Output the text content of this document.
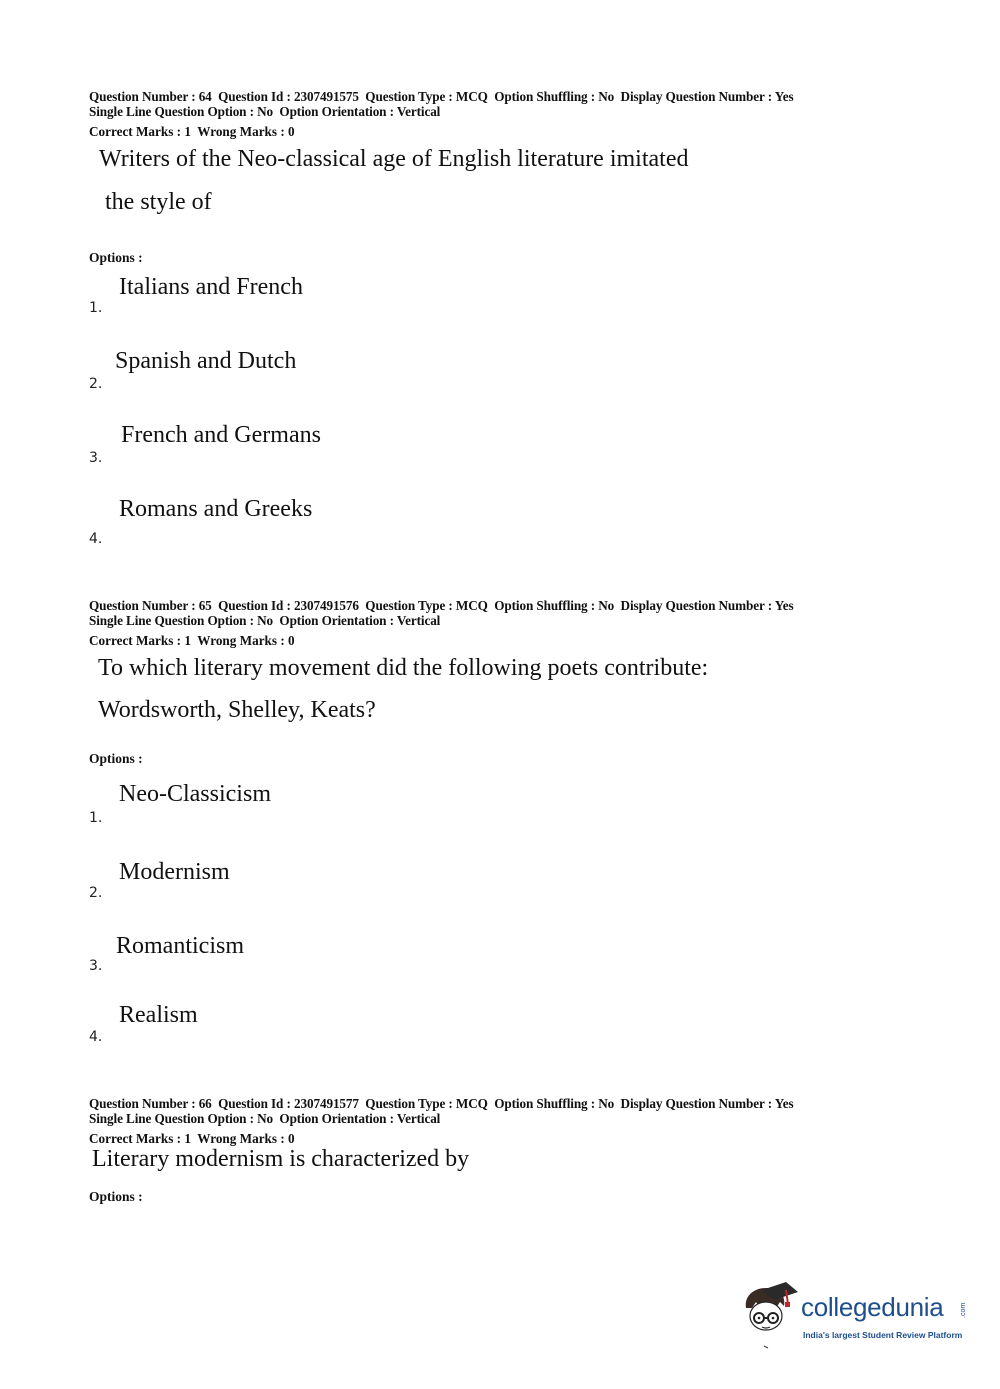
Question Number : 64  Question Id : 2307491575  Question Type : MCQ  Option Shuffling : No  Display Question Number : Yes
Single Line Question Option : No  Option Orientation : Vertical
Correct Marks : 1  Wrong Marks : 0
Writers of the Neo-classical age of English literature imitated
the style of
Options :
Italians and French
1.
Spanish and Dutch
2.
French and Germans
3.
Romans and Greeks
4.
Question Number : 65  Question Id : 2307491576  Question Type : MCQ  Option Shuffling : No  Display Question Number : Yes
Single Line Question Option : No  Option Orientation : Vertical
Correct Marks : 1  Wrong Marks : 0
To which literary movement did the following poets contribute:
Wordsworth, Shelley, Keats?
Options :
Neo-Classicism
1.
Modernism
2.
Romanticism
3.
Realism
4.
Question Number : 66  Question Id : 2307491577  Question Type : MCQ  Option Shuffling : No  Display Question Number : Yes
Single Line Question Option : No  Option Orientation : Vertical
Correct Marks : 1  Wrong Marks : 0
Literary modernism is characterized by
Options :
collegedunia .com
India's largest Student Review Platform
